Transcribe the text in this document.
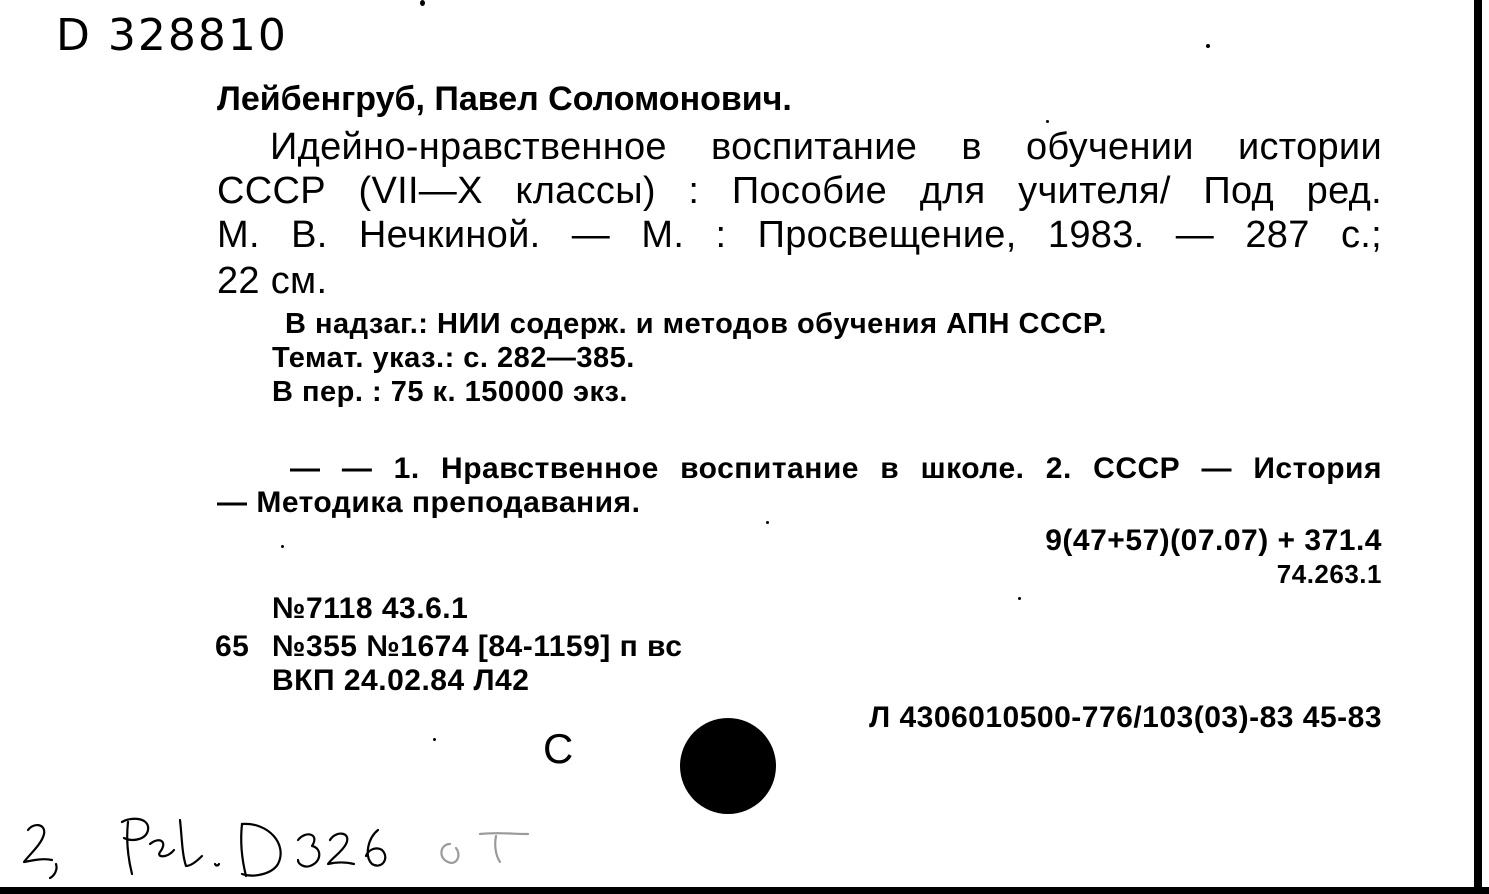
D 328810
Лейбенгруб, Павел Соломонович.
Идейно-нравственное воспитание в обучении истории
СССР (VII—X классы) : Пособие для учителя/ Под ред.
М. В. Нечкиной. — М. : Просвещение, 1983. — 287 с.;
22 см.
В надзаг.: НИИ содерж. и методов обучения АПН СССР.
Темат. указ.: с. 282—385.
В пер. : 75 к. 150000 экз.
— — 1. Нравственное воспитание в школе. 2. СССР — История
— Методика преподавания.
9(47+57)(07.07) + 371.4
74.263.1
№7118 43.6.1
65 №355 №1674 [84-1159] п вс
ВКП 24.02.84 Л42
Л 4306010500-776/103(03)-83 45-83
С
